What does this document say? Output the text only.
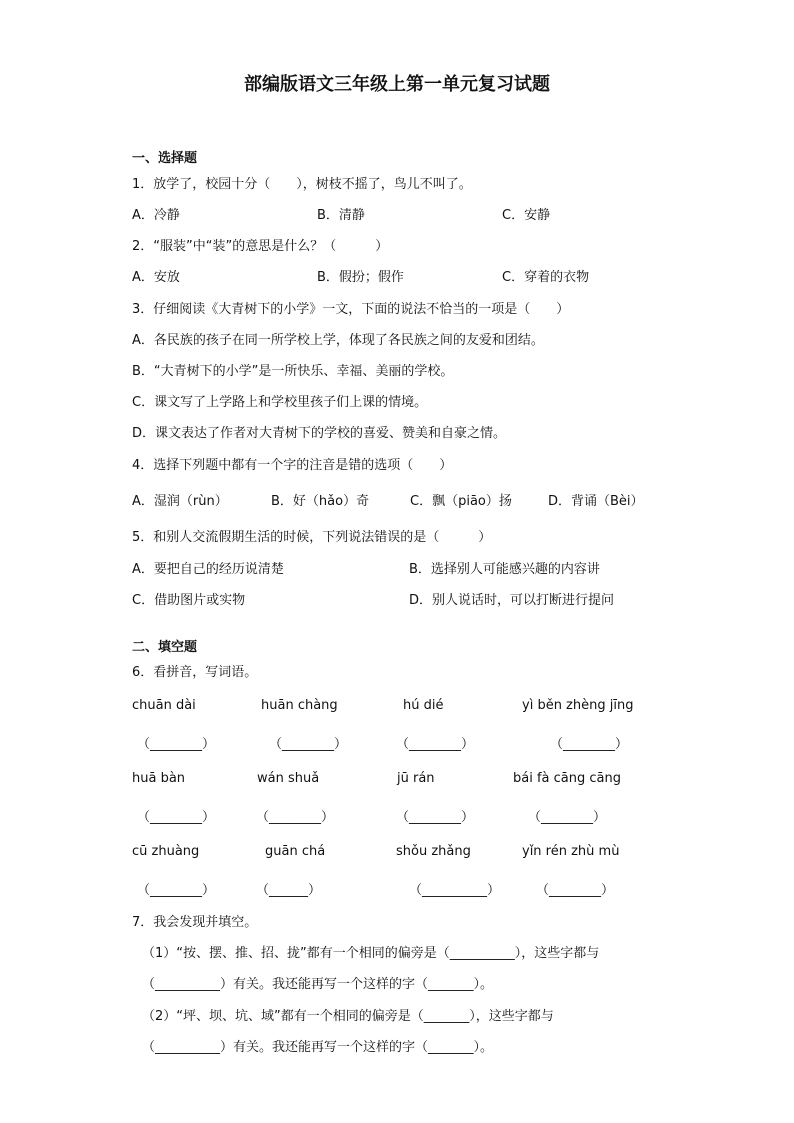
部编版语文三年级上第一单元复习试题
一、选择题
1．放学了，校园十分（　　），树枝不摇了，鸟儿不叫了。
A．冷静	B．清静	C．安静
2．“服装”中“装”的意思是什么？（　　　）
A．安放	B．假扮；假作	C．穿着的衣物
3．仔细阅读《大青树下的小学》一文，下面的说法不恰当的一项是（　　）
A．各民族的孩子在同一所学校上学，体现了各民族之间的友爱和团结。
B．“大青树下的小学”是一所快乐、幸福、美丽的学校。
C．课文写了上学路上和学校里孩子们上课的情境。
D．课文表达了作者对大青树下的学校的喜爱、赞美和自豪之情。
4．选择下列题中都有一个字的注音是错的选项（　　）
A．湿润（rùn）	B．好（hǎo）奇	C．飘（piāo）扬	D．背诵（Bèi）
5．和别人交流假期生活的时候，下列说法错误的是（　　　）
A．要把自己的经历说清楚	B．选择别人可能感兴趣的内容讲
C．借助图片或实物	D．别人说话时，可以打断进行提问
二、填空题
6．看拼音，写词语。
chuān dài	huān chàng	hú dié	yì běn zhèng jīng
（________）	（________）	（________）	（________）
huā bàn	wán shuǎ	jū rán	bái fà cāng cāng
（________）	（________）	（________）	（________）
cū zhuàng	guān chá	shǒu zhǎng	yǐn rén zhù mù
（________）	（______）	（__________）	（________）
7．我会发现并填空。
（1）“按、摆、推、招、拢”都有一个相同的偏旁是（__________），这些字都与
（__________）有关。我还能再写一个这样的字（_______）。
（2）“坪、坝、坑、域”都有一个相同的偏旁是（_______），这些字都与
（__________）有关。我还能再写一个这样的字（_______）。
